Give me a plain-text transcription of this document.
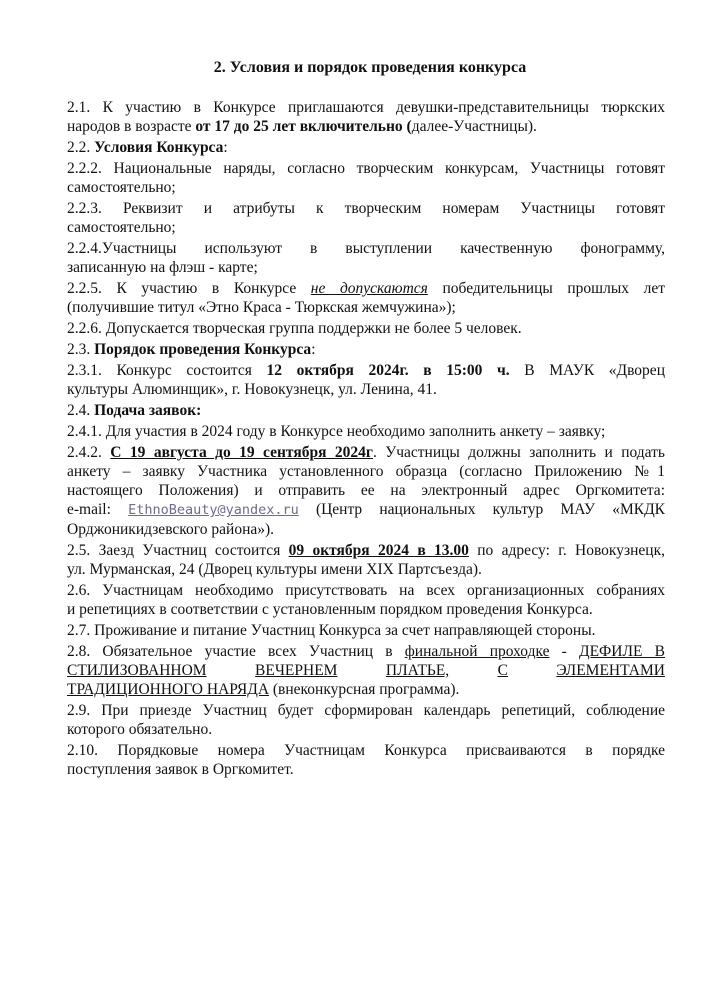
2. Условия и порядок проведения конкурса
2.1. К участию в Конкурсе приглашаются девушки-представительницы тюркских
народов в возрасте от 17 до 25 лет включительно (далее-Участницы).
2.2. Условия Конкурса:
2.2.2. Национальные наряды, согласно творческим конкурсам, Участницы готовят
самостоятельно;
2.2.3. Реквизит и атрибуты к творческим номерам Участницы готовят
самостоятельно;
2.2.4.Участницы используют в выступлении качественную фонограмму,
записанную на флэш - карте;
2.2.5. К участию в Конкурсе не допускаются победительницы прошлых лет
(получившие титул «Этно Краса - Тюркская жемчужина»);
2.2.6. Допускается творческая группа поддержки не более 5 человек.
2.3. Порядок проведения Конкурса:
2.3.1. Конкурс состоится 12 октября 2024г. в 15:00 ч. В МАУК «Дворец
культуры Алюминщик», г. Новокузнецк, ул. Ленина, 41.
2.4. Подача заявок:
2.4.1. Для участия в 2024 году в Конкурсе необходимо заполнить анкету – заявку;
2.4.2. С 19 августа до 19 сентября 2024г. Участницы должны заполнить и подать
анкету – заявку Участника установленного образца (согласно Приложению №1
настоящего Положения) и отправить ее на электронный адрес Оргкомитета:
e-mail: EthnoBeauty@yandex.ru (Центр национальных культур МАУ «МКДК
Орджоникидзевского района»).
2.5. Заезд Участниц состоится 09 октября 2024 в 13.00 по адресу: г. Новокузнецк,
ул. Мурманская, 24 (Дворец культуры имени XIX Партсъезда).
2.6. Участницам необходимо присутствовать на всех организационных собраниях
и репетициях в соответствии с установленным порядком проведения Конкурса.
2.7. Проживание и питание Участниц Конкурса за счет направляющей стороны.
2.8. Обязательное участие всех Участниц в финальной проходке - ДЕФИЛЕ В
СТИЛИЗОВАННОМ	ВЕЧЕРНЕМ	ПЛАТЬЕ,	С	ЭЛЕМЕНТАМИ
ТРАДИЦИОННОГО НАРЯДА (внеконкурсная программа).
2.9. При приезде Участниц будет сформирован календарь репетиций, соблюдение
которого обязательно.
2.10. Порядковые номера Участницам Конкурса присваиваются в порядке
поступления заявок в Оргкомитет.
